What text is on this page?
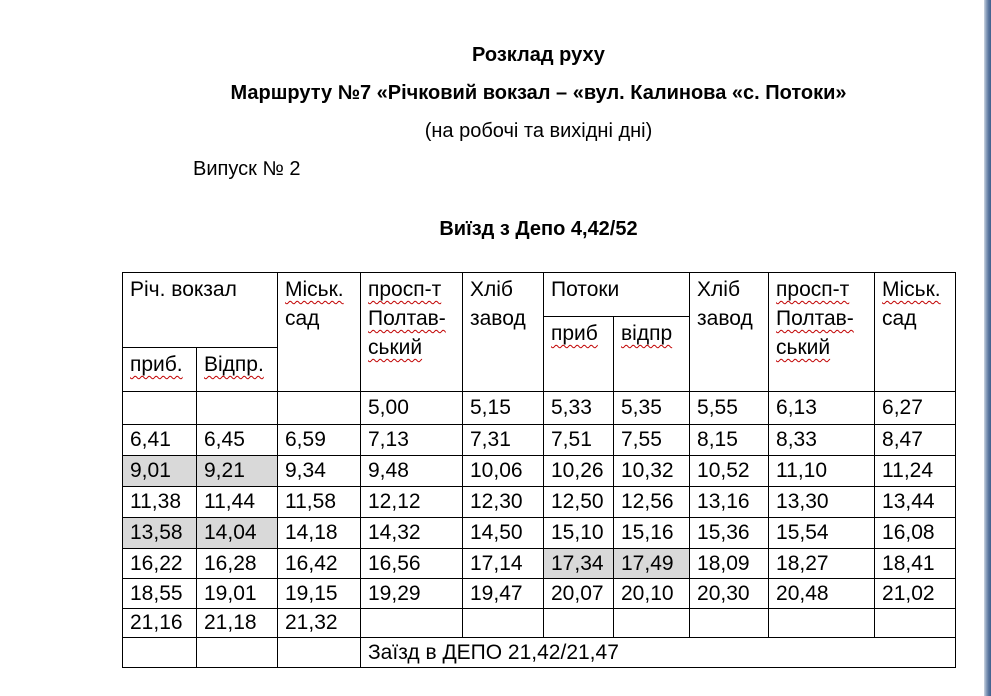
Розклад руху
Маршруту №7 «Річковий вокзал – «вул. Калинова «с. Потоки»
(на робочі та вихідні дні)
Випуск № 2
Виїзд з Депо 4,42/52
Річ. вокзал		Міськ. сад	просп-т Полтав-ський	Хліб завод	Потоки		Хліб завод	просп-т Полтав-ський	Міськ. сад
					приб	відпр			
приб.	Відпр.								
			5,00	5,15	5,33	5,35	5,55	6,13	6,27
6,41	6,45	6,59	7,13	7,31	7,51	7,55	8,15	8,33	8,47
9,01	9,21	9,34	9,48	10,06	10,26	10,32	10,52	11,10	11,24
11,38	11,44	11,58	12,12	12,30	12,50	12,56	13,16	13,30	13,44
13,58	14,04	14,18	14,32	14,50	15,10	15,16	15,36	15,54	16,08
16,22	16,28	16,42	16,56	17,14	17,34	17,49	18,09	18,27	18,41
18,55	19,01	19,15	19,29	19,47	20,07	20,10	20,30	20,48	21,02
21,16	21,18	21,32							
			Заїзд в ДЕПО 21,42/21,47						
